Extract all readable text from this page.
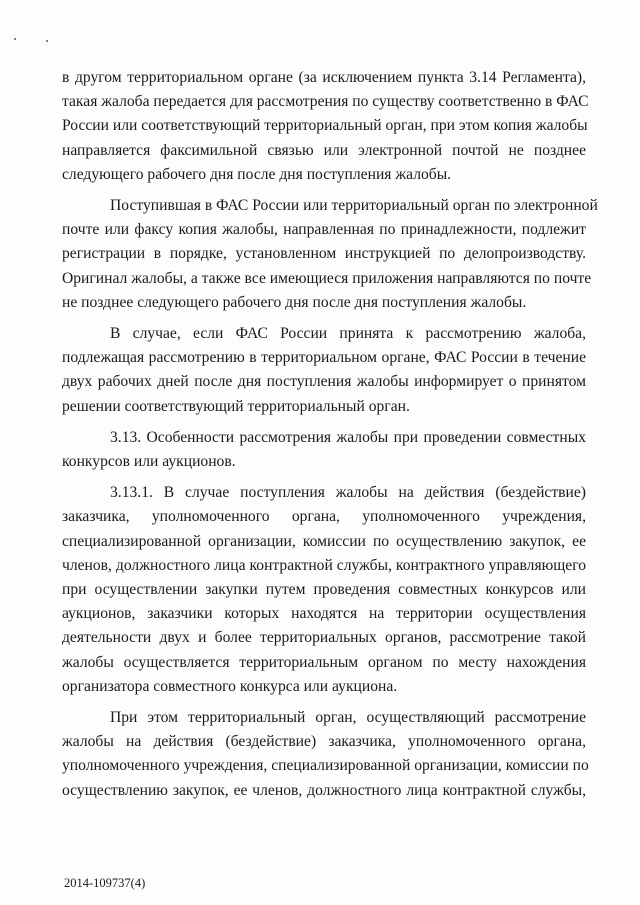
в другом территориальном органе (за исключением пункта 3.14 Регламента),
такая жалоба передается для рассмотрения по существу соответственно в ФАС
России или соответствующий территориальный орган, при этом копия жалобы
направляется факсимильной связью или электронной почтой не позднее
следующего рабочего дня после дня поступления жалобы.

Поступившая в ФАС России или территориальный орган по электронной
почте или факсу копия жалобы, направленная по принадлежности, подлежит
регистрации в порядке, установленном инструкцией по делопроизводству.
Оригинал жалобы, а также все имеющиеся приложения направляются по почте
не позднее следующего рабочего дня после дня поступления жалобы.

В случае, если ФАС России принята к рассмотрению жалоба,
подлежащая рассмотрению в территориальном органе, ФАС России в течение
двух рабочих дней после дня поступления жалобы информирует о принятом
решении соответствующий территориальный орган.

3.13. Особенности рассмотрения жалобы при проведении совместных
конкурсов или аукционов.

3.13.1. В случае поступления жалобы на действия (бездействие)
заказчика, уполномоченного органа, уполномоченного учреждения,
специализированной организации, комиссии по осуществлению закупок, ее
членов, должностного лица контрактной службы, контрактного управляющего
при осуществлении закупки путем проведения совместных конкурсов или
аукционов, заказчики которых находятся на территории осуществления
деятельности двух и более территориальных органов, рассмотрение такой
жалобы осуществляется территориальным органом по месту нахождения
организатора совместного конкурса или аукциона.

При этом территориальный орган, осуществляющий рассмотрение
жалобы на действия (бездействие) заказчика, уполномоченного органа,
уполномоченного учреждения, специализированной организации, комиссии по
осуществлению закупок, ее членов, должностного лица контрактной службы,

2014-109737(4)
